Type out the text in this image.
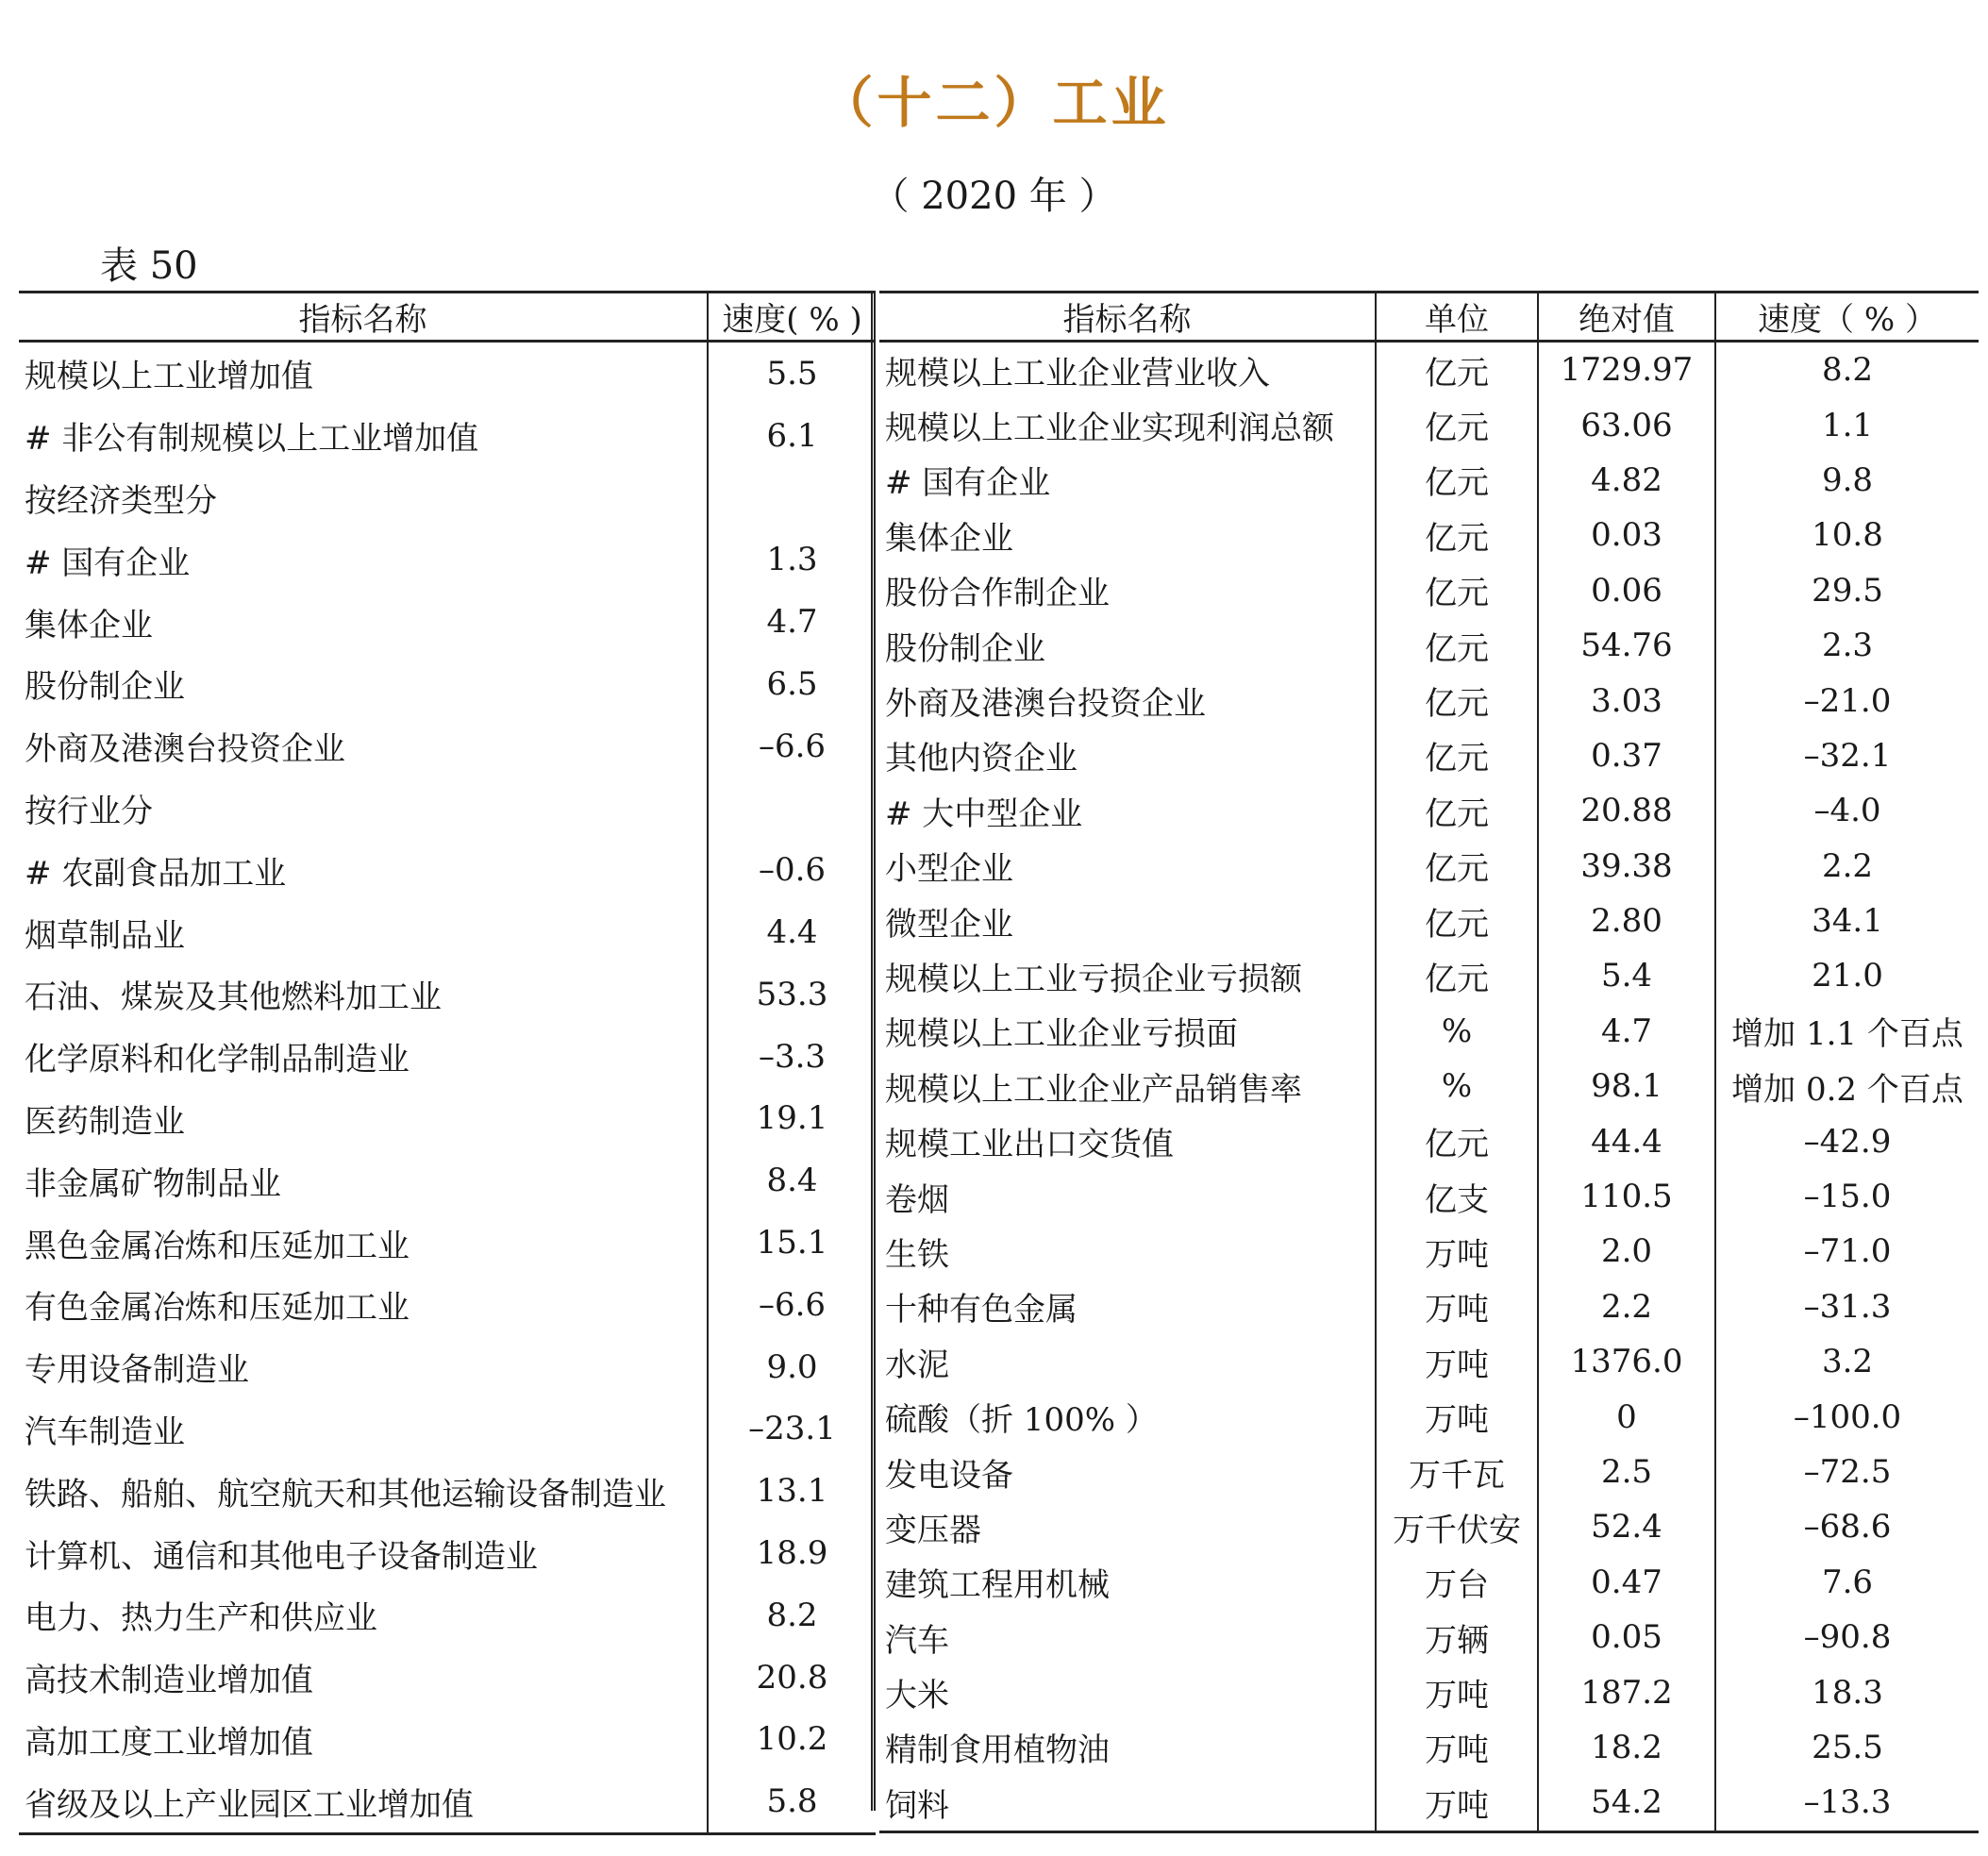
（十二）工业
（ 2020 年 ）
表 50
指标名称	速度( % )
规模以上工业增加值	5.5
# 非公有制规模以上工业增加值	6.1
按经济类型分	
# 国有企业	1.3
集体企业	4.7
股份制企业	6.5
外商及港澳台投资企业	–6.6
按行业分	
# 农副食品加工业	–0.6
烟草制品业	4.4
石油、煤炭及其他燃料加工业	53.3
化学原料和化学制品制造业	–3.3
医药制造业	19.1
非金属矿物制品业	8.4
黑色金属冶炼和压延加工业	15.1
有色金属冶炼和压延加工业	–6.6
专用设备制造业	9.0
汽车制造业	–23.1
铁路、船舶、航空航天和其他运输设备制造业	13.1
计算机、通信和其他电子设备制造业	18.9
电力、热力生产和供应业	8.2
高技术制造业增加值	20.8
高加工度工业增加值	10.2
省级及以上产业园区工业增加值	5.8
指标名称	单位	绝对值	速度（ % ）
规模以上工业企业营业收入	亿元	1729.97	8.2
规模以上工业企业实现利润总额	亿元	63.06	1.1
# 国有企业	亿元	4.82	9.8
集体企业	亿元	0.03	10.8
股份合作制企业	亿元	0.06	29.5
股份制企业	亿元	54.76	2.3
外商及港澳台投资企业	亿元	3.03	–21.0
其他内资企业	亿元	0.37	–32.1
# 大中型企业	亿元	20.88	–4.0
小型企业	亿元	39.38	2.2
微型企业	亿元	2.80	34.1
规模以上工业亏损企业亏损额	亿元	5.4	21.0
规模以上工业企业亏损面	%	4.7	增加 1.1 个百点
规模以上工业企业产品销售率	%	98.1	增加 0.2 个百点
规模工业出口交货值	亿元	44.4	–42.9
卷烟	亿支	110.5	–15.0
生铁	万吨	2.0	–71.0
十种有色金属	万吨	2.2	–31.3
水泥	万吨	1376.0	3.2
硫酸（折 100% ）	万吨	0	–100.0
发电设备	万千瓦	2.5	–72.5
变压器	万千伏安	52.4	–68.6
建筑工程用机械	万台	0.47	7.6
汽车	万辆	0.05	–90.8
大米	万吨	187.2	18.3
精制食用植物油	万吨	18.2	25.5
饲料	万吨	54.2	–13.3
